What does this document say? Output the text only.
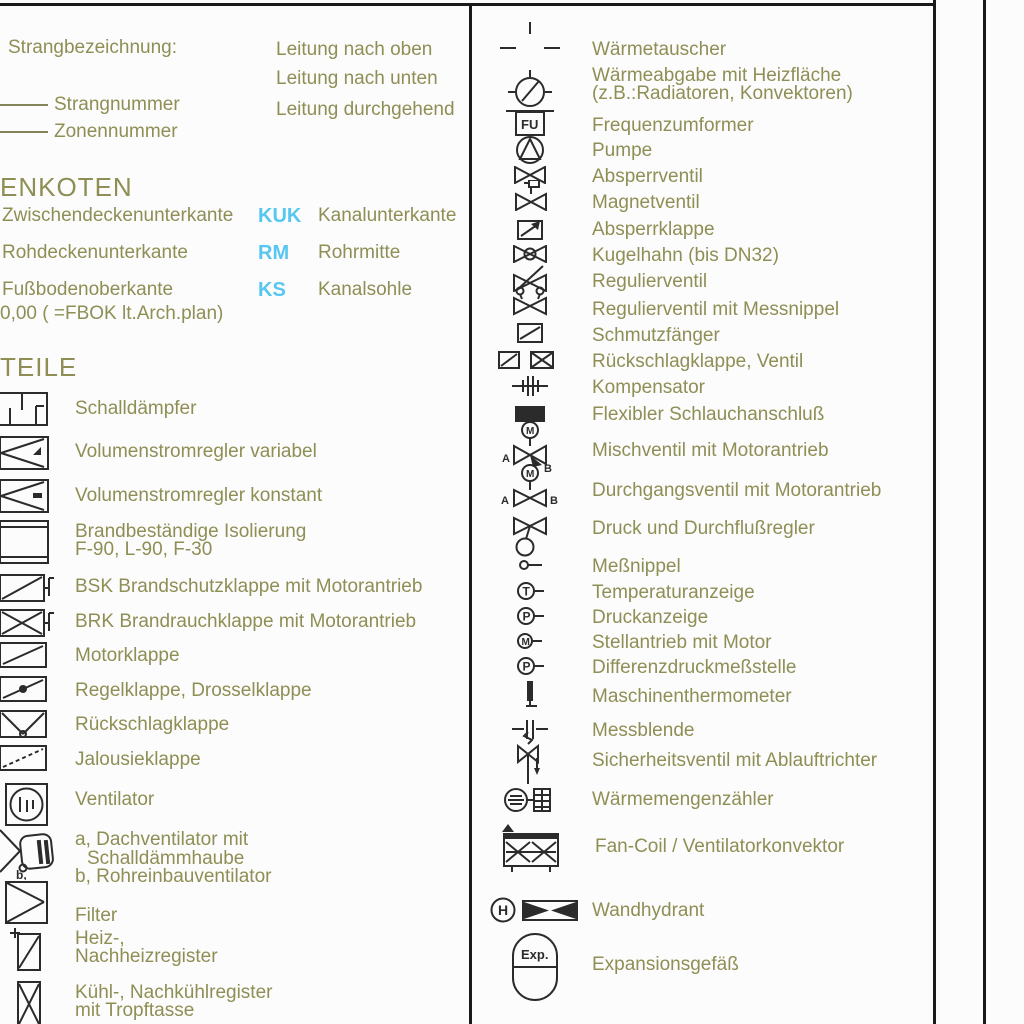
Strangbezeichnung:	Leitung nach oben
Leitung nach unten
Leitung durchgehend
Strangnummer
Zonennummer
ENKOTEN
Zwischendeckenunterkante KUK Kanalunterkante
Rohdeckenunterkante	RM Rohrmitte
Fußbodenoberkante	KS Kanalsohle
0,00 ( =FBOK lt.Arch.plan)
TEILE
Schalldämpfer
Volumenstromregler variabel
Volumenstromregler konstant
Brandbeständige Isolierung
F-90, L-90, F-30
BSK Brandschutzklappe mit Motorantrieb
BRK Brandrauchklappe mit Motorantrieb
Motorklappe
Regelklappe, Drosselklappe
Rückschlagklappe
Jalousieklappe
Ventilator
b,
a, Dachventilator mit
Schalldämmhaube
b, Rohreinbauventilator
Filter
Heiz-,
Nachheizregister
Kühl-, Nachkühlregister
mit Tropftasse
Wärmetauscher
Wärmeabgabe mit Heizfläche
(z.B.:Radiatoren, Konvektoren)
FU	Frequenzumformer
Pumpe
Absperrventil
Magnetventil
Absperrklappe
Kugelhahn (bis DN32)
Regulierventil
Regulierventil mit Messnippel
Schmutzfänger
Rückschlagklappe, Ventil
Kompensator
Flexibler Schlauchanschluß
M
A
B
Mischventil mit Motorantrieb
M
A	B Durchgangsventil mit Motorantrieb
Druck und Durchflußregler
Meßnippel
T	Temperaturanzeige
P	Druckanzeige
M	Stellantrieb mit Motor
P	Differenzdruckmeßstelle
Maschinenthermometer
Messblende
Sicherheitsventil mit Ablauftrichter
Wärmemengenzähler
Fan-Coil / Ventilatorkonvektor
H	Wandhydrant
Exp. Expansionsgefäß
